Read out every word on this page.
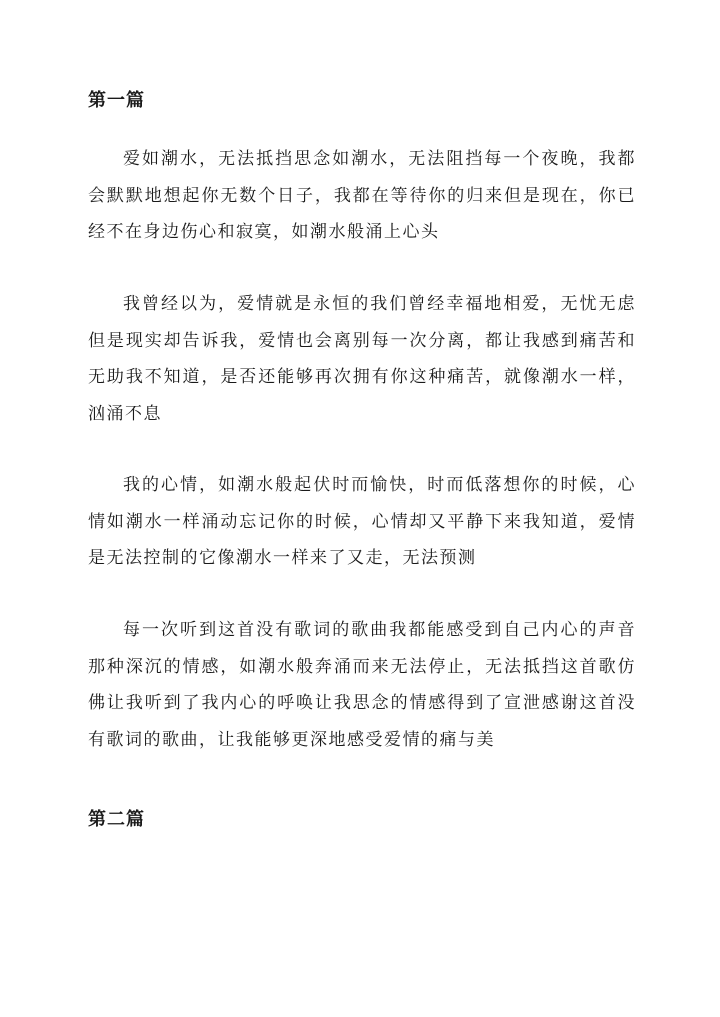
第一篇

爱如潮水，无法抵挡思念如潮水，无法阻挡每一个夜晚，我都会默默地想起你无数个日子，我都在等待你的归来但是现在，你已经不在身边伤心和寂寞，如潮水般涌上心头

我曾经以为，爱情就是永恒的我们曾经幸福地相爱，无忧无虑但是现实却告诉我，爱情也会离别每一次分离，都让我感到痛苦和无助我不知道，是否还能够再次拥有你这种痛苦，就像潮水一样，汹涌不息

我的心情，如潮水般起伏时而愉快，时而低落想你的时候，心情如潮水一样涌动忘记你的时候，心情却又平静下来我知道，爱情是无法控制的它像潮水一样来了又走，无法预测

每一次听到这首没有歌词的歌曲我都能感受到自己内心的声音那种深沉的情感，如潮水般奔涌而来无法停止，无法抵挡这首歌仿佛让我听到了我内心的呼唤让我思念的情感得到了宣泄感谢这首没有歌词的歌曲，让我能够更深地感受爱情的痛与美

第二篇
